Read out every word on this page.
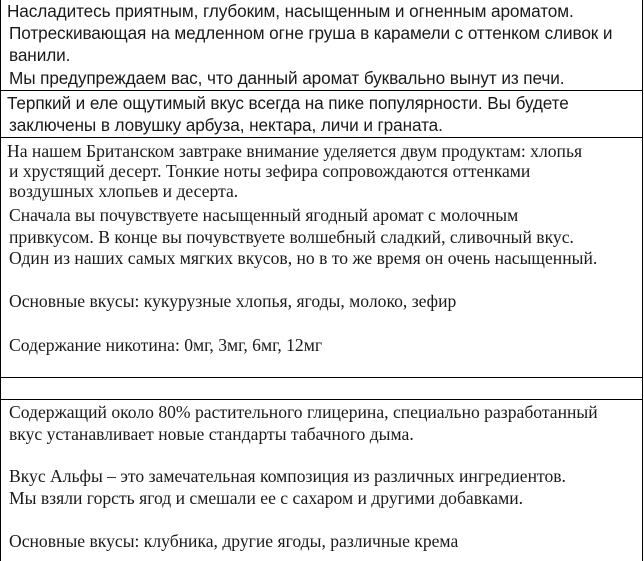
Насладитесь приятным, глубоким, насыщенным и огненным ароматом.
Потрескивающая на медленном огне груша в карамели с оттенком сливок и
ванили.
Мы предупреждаем вас, что данный аромат буквально вынут из печи.
Терпкий и еле ощутимый вкус всегда на пике популярности. Вы будете
заключены в ловушку арбуза, нектара, личи и граната.
На нашем Британском завтраке внимание уделяется двум продуктам: хлопья
и хрустящий десерт. Тонкие ноты зефира сопровождаются оттенками
воздушных хлопьев и десерта.
Сначала вы почувствуете насыщенный ягодный аромат с молочным
привкусом. В конце вы почувствуете волшебный сладкий, сливочный вкус.
Один из наших самых мягких вкусов, но в то же время он очень насыщенный.
Основные вкусы: кукурузные хлопья, ягоды, молоко, зефир
Содержание никотина: 0мг, 3мг, 6мг, 12мг
Содержащий около 80% растительного глицерина, специально разработанный
вкус устанавливает новые стандарты табачного дыма.
Вкус Альфы – это замечательная композиция из различных ингредиентов.
Мы взяли горсть ягод и смешали ее с сахаром и другими добавками.
Основные вкусы: клубника, другие ягоды, различные крема
